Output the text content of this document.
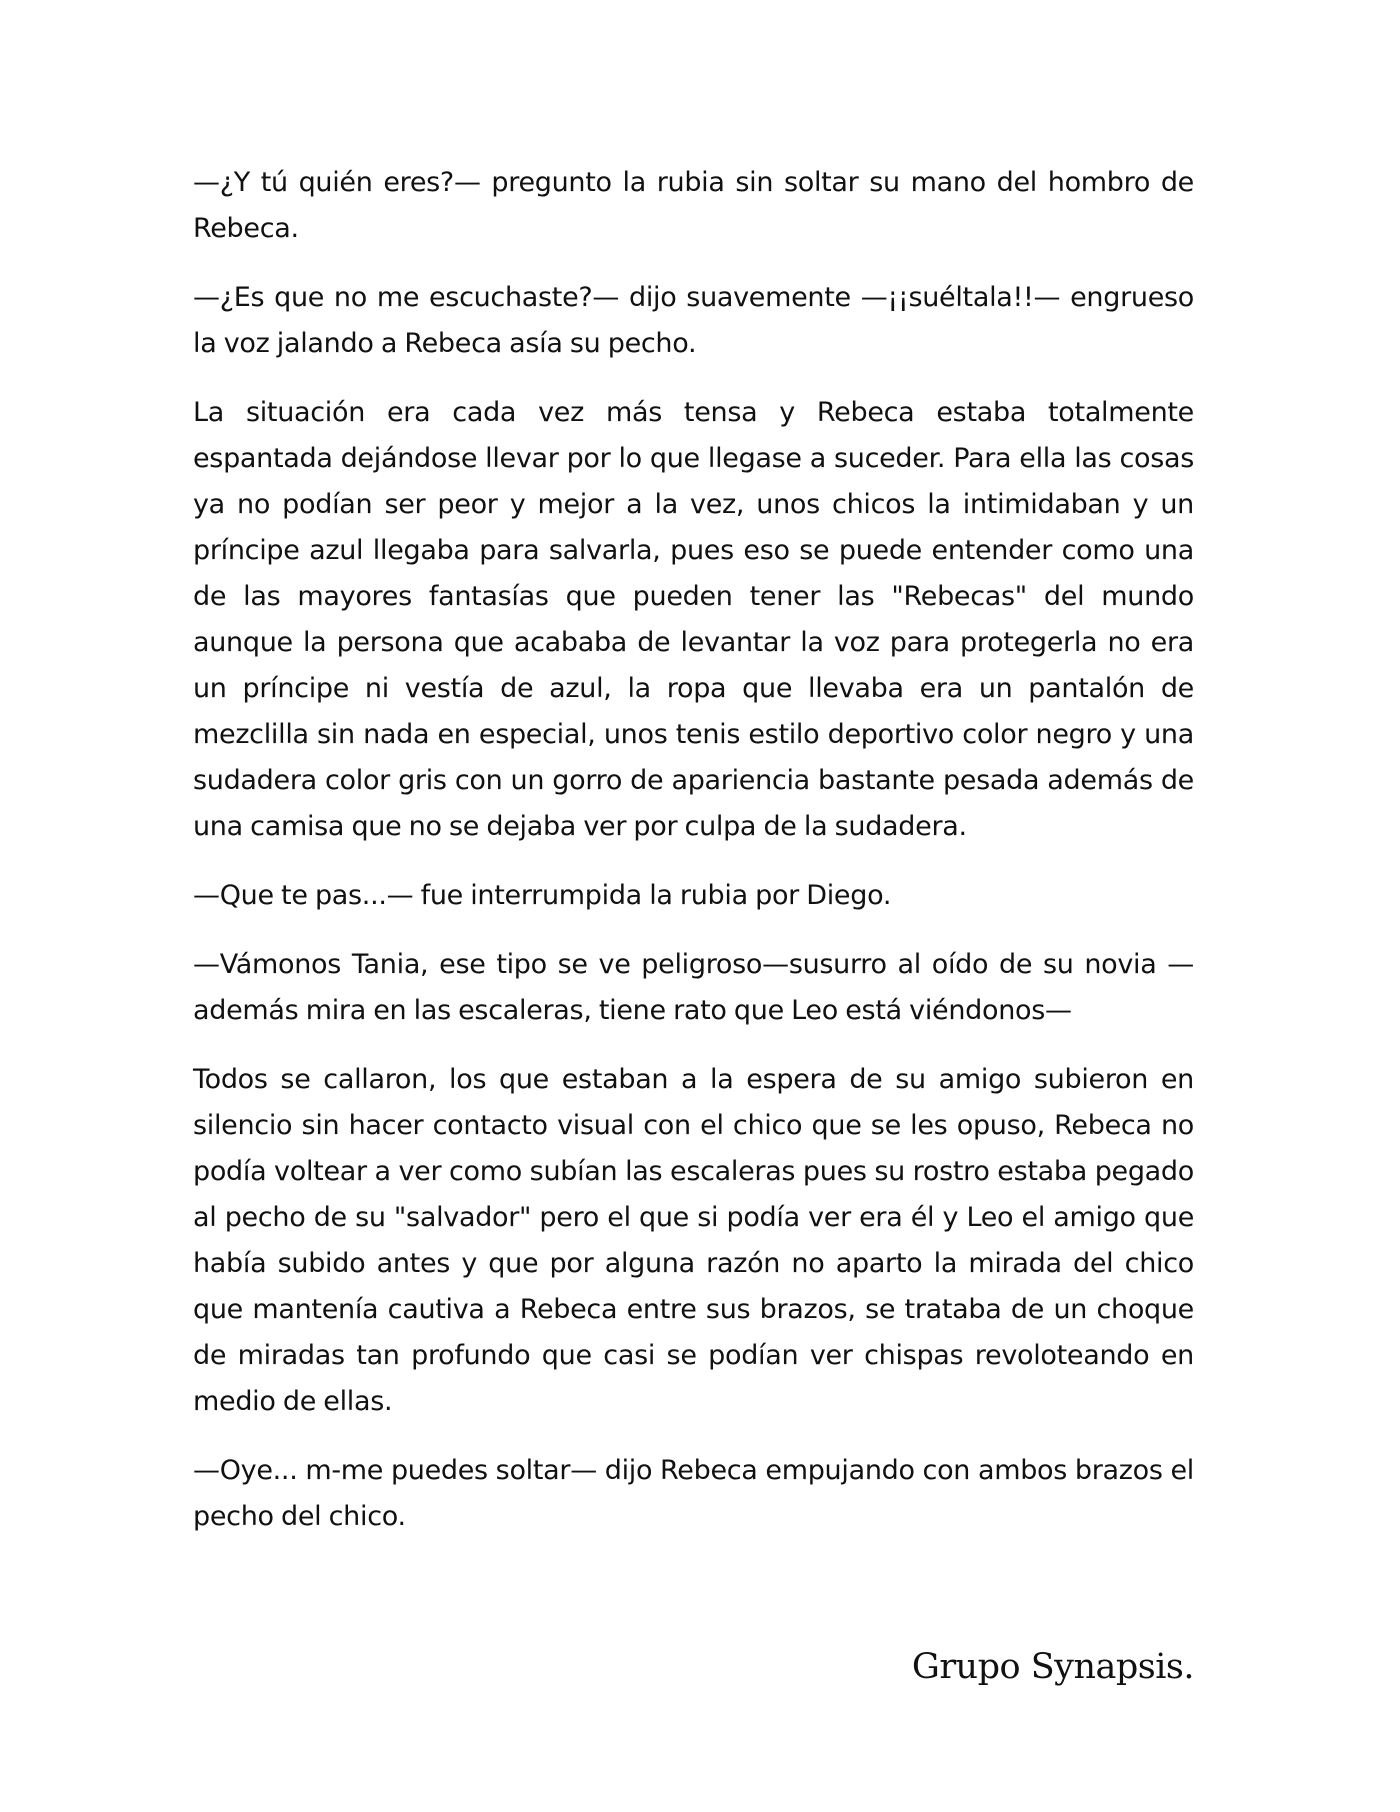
—¿Y tú quién eres?— pregunto la rubia sin soltar su mano del hombro de Rebeca.

—¿Es que no me escuchaste?— dijo suavemente —¡¡suéltala!!— engrueso la voz jalando a Rebeca asía su pecho.

La situación era cada vez más tensa y Rebeca estaba totalmente espantada dejándose llevar por lo que llegase a suceder. Para ella las cosas ya no podían ser peor y mejor a la vez, unos chicos la intimidaban y un príncipe azul llegaba para salvarla, pues eso se puede entender como una de las mayores fantasías que pueden tener las "Rebecas" del mundo aunque la persona que acababa de levantar la voz para protegerla no era un príncipe ni vestía de azul, la ropa que llevaba era un pantalón de mezclilla sin nada en especial, unos tenis estilo deportivo color negro y una sudadera color gris con un gorro de apariencia bastante pesada además de una camisa que no se dejaba ver por culpa de la sudadera.

—Que te pas...— fue interrumpida la rubia por Diego.

—Vámonos Tania, ese tipo se ve peligroso—susurro al oído de su novia — además mira en las escaleras, tiene rato que Leo está viéndonos—

Todos se callaron, los que estaban a la espera de su amigo subieron en silencio sin hacer contacto visual con el chico que se les opuso, Rebeca no podía voltear a ver como subían las escaleras pues su rostro estaba pegado al pecho de su "salvador" pero el que si podía ver era él y Leo el amigo que había subido antes y que por alguna razón no aparto la mirada del chico que mantenía cautiva a Rebeca entre sus brazos, se trataba de un choque de miradas tan profundo que casi se podían ver chispas revoloteando en medio de ellas.

—Oye... m-me puedes soltar— dijo Rebeca empujando con ambos brazos el pecho del chico.

Grupo Synapsis.
